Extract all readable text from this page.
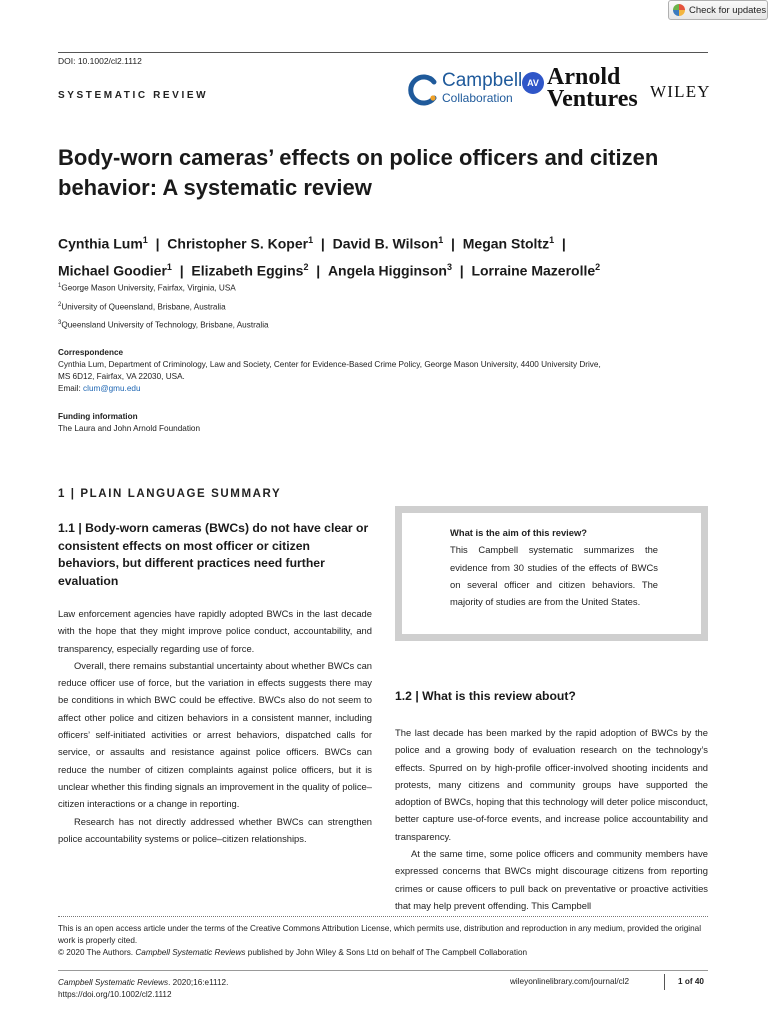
Check for updates
DOI: 10.1002/cl2.1112
SYSTEMATIC REVIEW
Campbell
Collaboration
AV Arnold
Ventures WILEY
Body-worn cameras’ effects on police officers and citizen behavior: A systematic review
Cynthia Lum$^1$  |  Christopher S. Koper$^1$  |  David B. Wilson$^1$  |  Megan Stoltz$^1$  |
Michael Goodier$^1$  |  Elizabeth Eggins$^2$  |  Angela Higginson$^3$  |  Lorraine Mazerolle$^2$
$^1$George Mason University, Fairfax, Virginia, USA
$^2$University of Queensland, Brisbane, Australia
$^3$Queensland University of Technology, Brisbane, Australia
Correspondence
Cynthia Lum, Department of Criminology, Law and Society, Center for Evidence-Based Crime Policy, George Mason University, 4400 University Drive,
MS 6D12, Fairfax, VA 22030, USA.
Email: clum@gmu.edu
Funding information
The Laura and John Arnold Foundation
1 | PLAIN LANGUAGE SUMMARY
1.1 | Body-worn cameras (BWCs) do not have clear or consistent effects on most officer or citizen behaviors, but different practices need further evaluation

Law enforcement agencies have rapidly adopted BWCs in the last decade with the hope that they might improve police conduct, accountability, and transparency, especially regarding use of force.

Overall, there remains substantial uncertainty about whether BWCs can reduce officer use of force, but the variation in effects suggests there may be conditions in which BWC could be effective. BWCs also do not seem to affect other police and citizen behaviors in a consistent manner, including officers’ self-initiated activities or arrest behaviors, dispatched calls for service, or assaults and resistance against police officers. BWCs can reduce the number of citizen complaints against police officers, but it is unclear whether this finding signals an improvement in the quality of police–citizen interactions or a change in reporting.

Research has not directly addressed whether BWCs can strengthen police accountability systems or police–citizen relationships.

What is the aim of this review?
This Campbell systematic summarizes the evidence from 30 studies of the effects of BWCs on several officer and citizen behaviors. The majority of studies are from the United States.
1.2 | What is this review about?

The last decade has been marked by the rapid adoption of BWCs by the police and a growing body of evaluation research on the technology’s effects. Spurred on by high-profile officer-involved shooting incidents and protests, many citizens and community groups have supported the adoption of BWCs, hoping that this technology will deter police misconduct, better capture use-of-force events, and increase police accountability and transparency.

At the same time, some police officers and community members have expressed concerns that BWCs might discourage citizens from reporting crimes or cause officers to pull back on preventative or proactive activities that may help prevent offending. This Campbell

This is an open access article under the terms of the Creative Commons Attribution License, which permits use, distribution and reproduction in any medium, provided the original work is properly cited.
© 2020 The Authors. Campbell Systematic Reviews published by John Wiley & Sons Ltd on behalf of The Campbell Collaboration
Campbell Systematic Reviews. 2020;16:e1112.
https://doi.org/10.1002/cl2.1112
wileyonlinelibrary.com/journal/cl2	1 of 40
